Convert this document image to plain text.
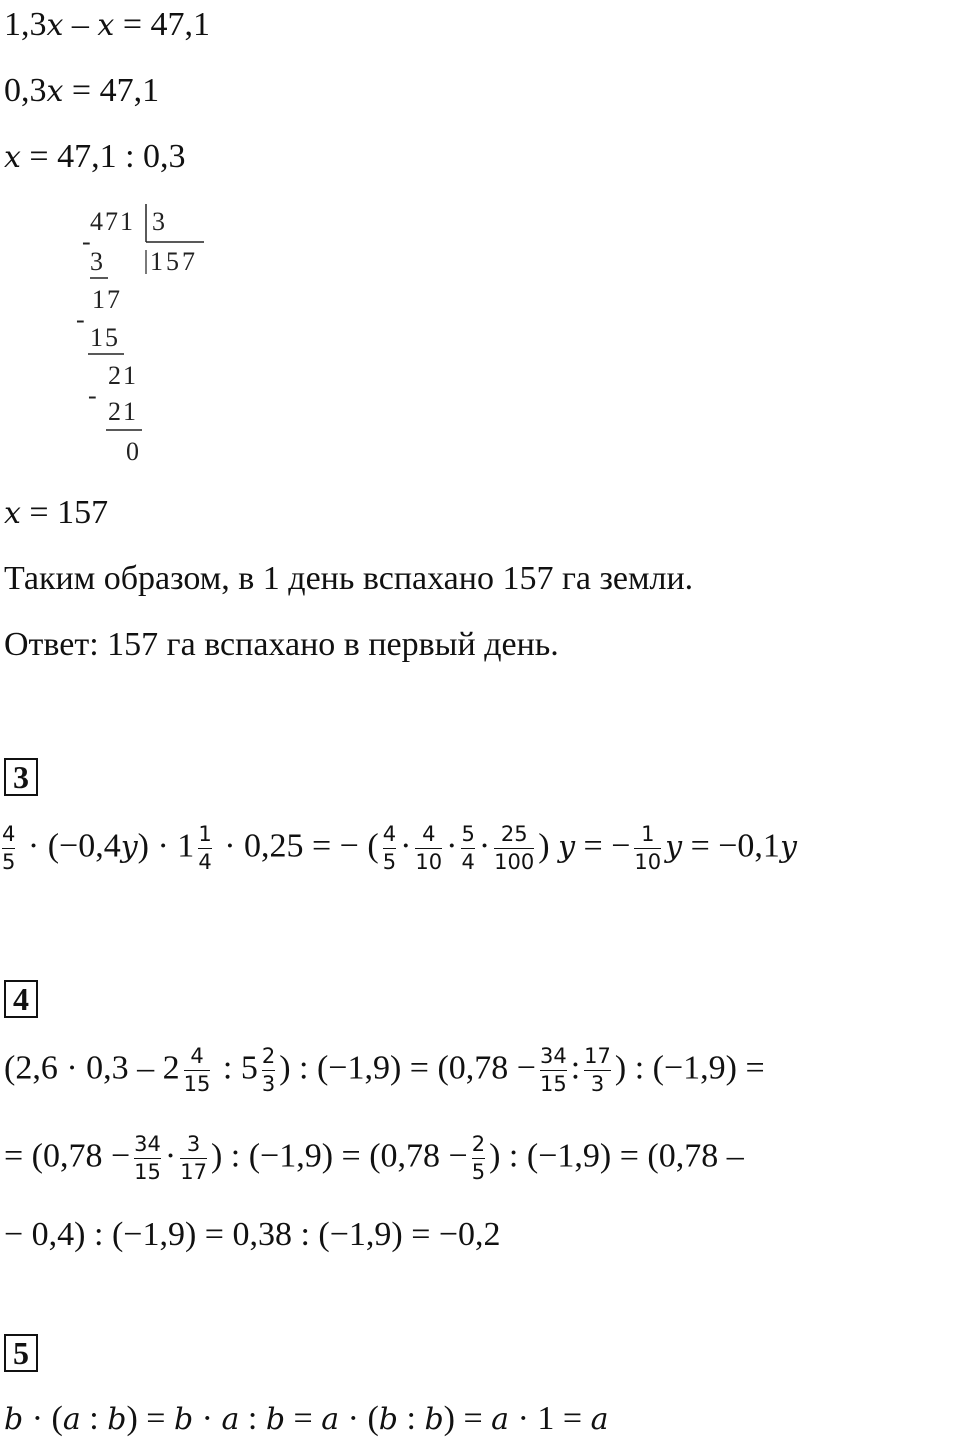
1,3x – x = 47,1
0,3x = 47,1
x = 47,1 : 0,3
471 3
157
-
3
17
-
15
21
-
21
0
x = 157
Таким образом, в 1 день вспахано 157 га земли.
Ответ: 157 га вспахано в первый день.
3
$\frac{4}{5} \cdot (-0,4y) \cdot 1 \frac{1}{4} \cdot 0,25$ = − ( $\frac{4}{5} \cdot \frac{4}{10} \cdot \frac{5}{4} \cdot \frac{25}{100}$ ) y = − $\frac{1}{10}$ y = −0,1y
4
($2,6 \cdot 0,3 - 2 \frac{4}{15}$ : $5 \frac{2}{3}$ ) : $(-1,9) = (0,78 - \frac{34}{15}$ : $\frac{17}{3}$ ) : (−1,9) =
= ($0,78 - \frac{34}{15} \cdot \frac{3}{17}$ ) : $(-1,9) = (0,78 - \frac{2}{5}$ ) : (−1,9) = (0,78 –
− 0,4) : (−1,9) = 0,38 : (−1,9) = −0,2
5
b · (a : b) = b · a : b = a · (b : b) = a · 1 = a
